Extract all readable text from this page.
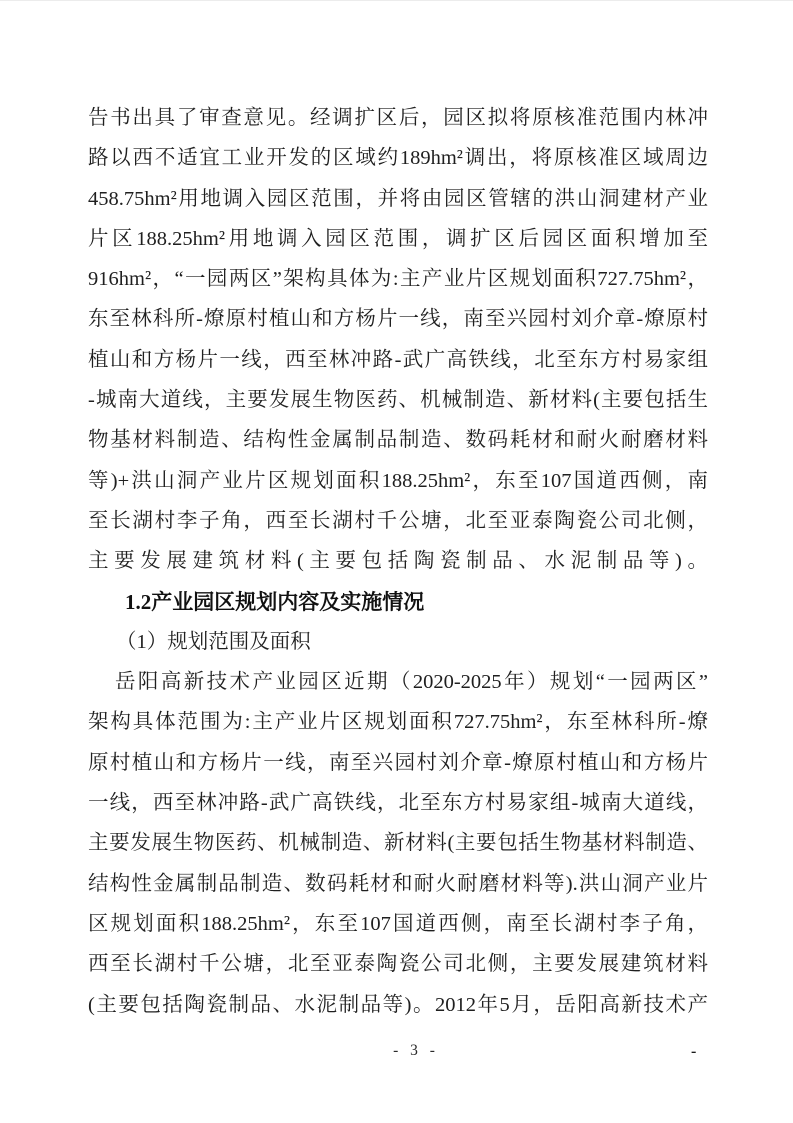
告书出具了审查意见。经调扩区后，园区拟将原核准范围内林冲
路以西不适宜工业开发的区域约189hm²调出，将原核准区域周边
458.75hm²用地调入园区范围，并将由园区管辖的洪山洞建材产业
片区188.25hm²用地调入园区范围，调扩区后园区面积增加至
916hm²，“一园两区”架构具体为:主产业片区规划面积727.75hm²，
东至林科所-燎原村植山和方杨片一线，南至兴园村刘介章-燎原村
植山和方杨片一线，西至林冲路-武广高铁线，北至东方村易家组
-城南大道线，主要发展生物医药、机械制造、新材料(主要包括生
物基材料制造、结构性金属制品制造、数码耗材和耐火耐磨材料
等)+洪山洞产业片区规划面积188.25hm²，东至107国道西侧，南
至长湖村李子角，西至长湖村千公塘，北至亚泰陶瓷公司北侧，
主要发展建筑材料(主要包括陶瓷制品、水泥制品等)。
1.2产业园区规划内容及实施情况
（1）规划范围及面积
岳阳高新技术产业园区近期（2020-2025年）规划“一园两区”
架构具体范围为:主产业片区规划面积727.75hm²，东至林科所-燎
原村植山和方杨片一线，南至兴园村刘介章-燎原村植山和方杨片
一线，西至林冲路-武广高铁线，北至东方村易家组-城南大道线，
主要发展生物医药、机械制造、新材料(主要包括生物基材料制造、
结构性金属制品制造、数码耗材和耐火耐磨材料等).洪山洞产业片
区规划面积188.25hm²，东至107国道西侧，南至长湖村李子角，
西至长湖村千公塘，北至亚泰陶瓷公司北侧，主要发展建筑材料
(主要包括陶瓷制品、水泥制品等)。2012年5月，岳阳高新技术产
- 3 -	-
